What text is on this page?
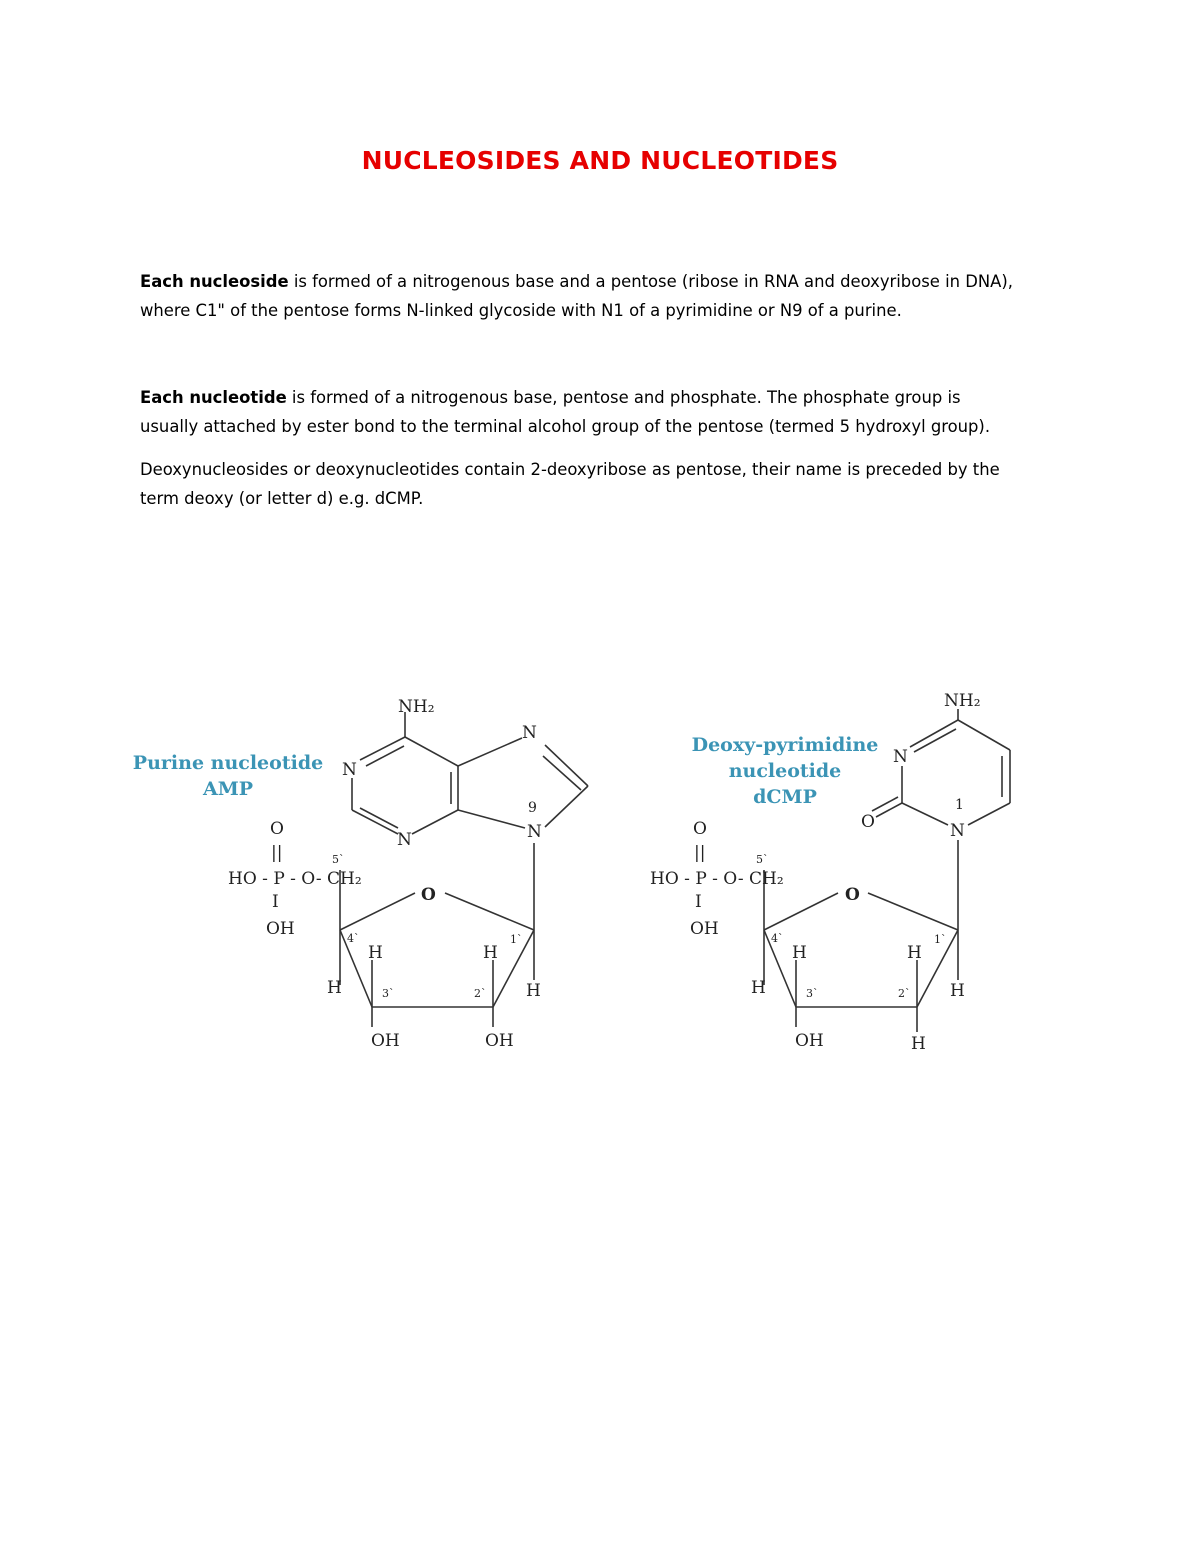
NUCLEOSIDES AND NUCLEOTIDES
Each nucleoside is formed of a nitrogenous base and a pentose (ribose in RNA and deoxyribose in DNA),
where C1" of the pentose forms N-linked glycoside with N1 of a pyrimidine or N9 of a purine.
Each nucleotide is formed of a nitrogenous base, pentose and phosphate. The phosphate group is
usually attached by ester bond to the terminal alcohol group of the pentose (termed 5 hydroxyl group).
Deoxynucleosides or deoxynucleotides contain 2-deoxyribose as pentose, their name is preceded by the
term deoxy (or letter d) e.g. dCMP.
Purine nucleotide
AMP
NH₂
N
N
N
N
9
O
||
HO - P - O- CH₂
I
OH
5`
O
4`
3`	2`
1`
H
H
H
H
OH	OH
Deoxy-pyrimidine
nucleotide
dCMP
NH₂
N
N
1
O
O
||
HO - P - O- CH₂
I
OH
5`
O
4`
3`	2`
1`
H
H
H
H
OH	H
